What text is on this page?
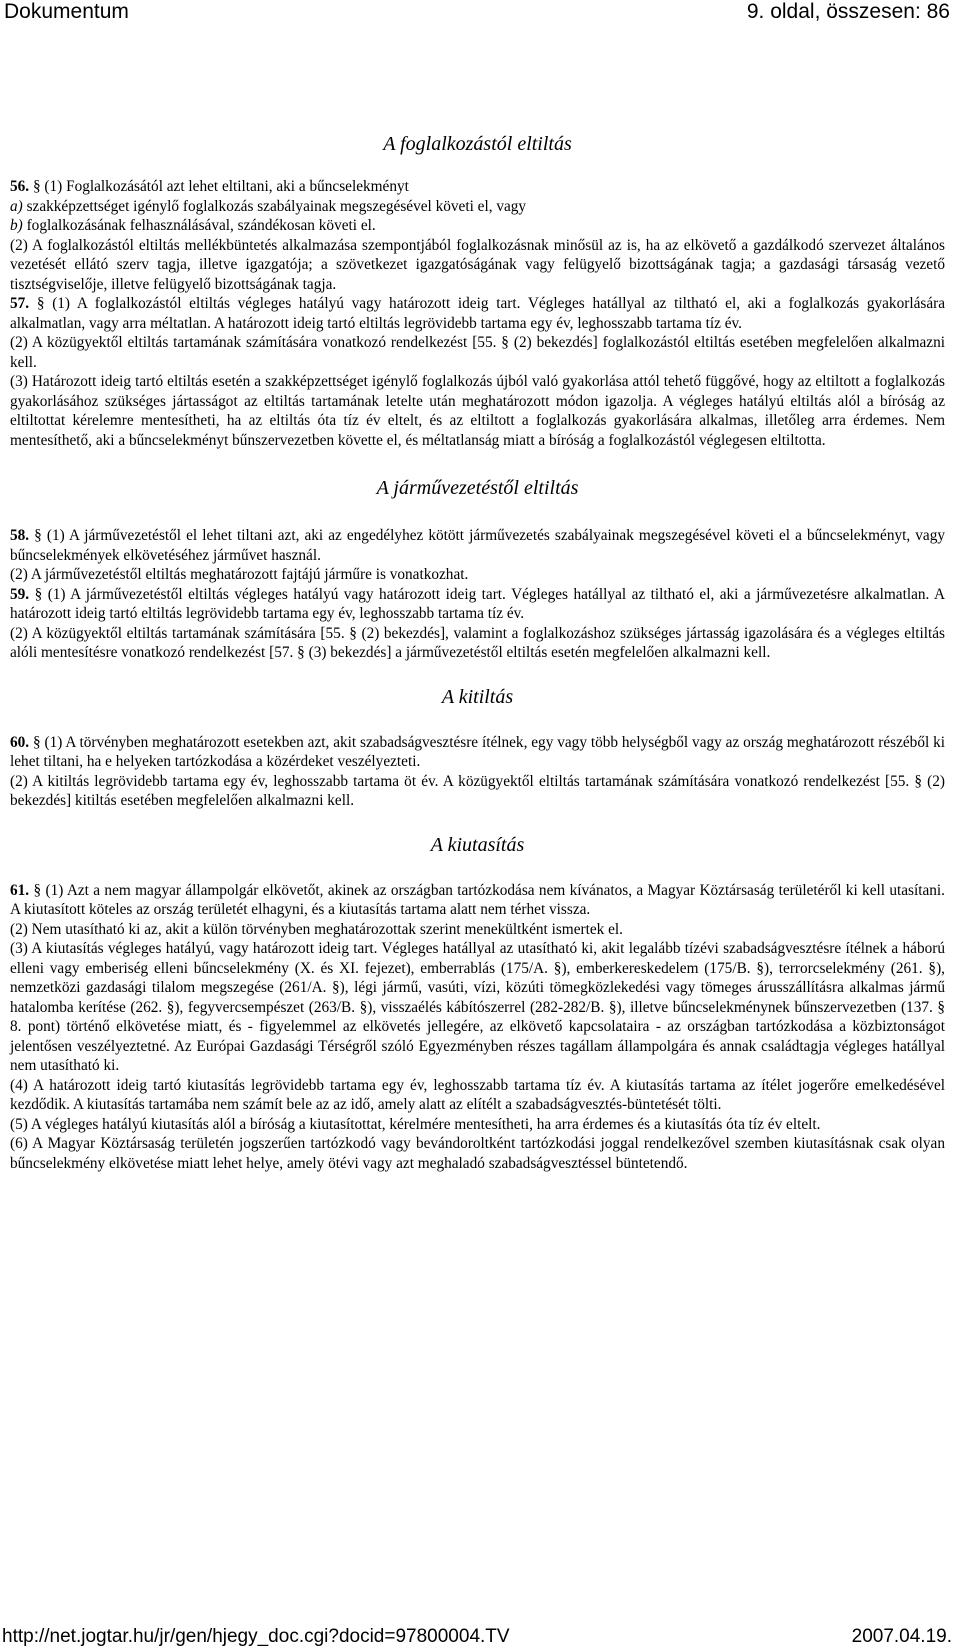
Dokumentum	9. oldal, összesen: 86
A foglalkozástól eltiltás

56. § (1) Foglalkozásától azt lehet eltiltani, aki a bűncselekményt

a) szakképzettséget igénylő foglalkozás szabályainak megszegésével követi el, vagy

b) foglalkozásának felhasználásával, szándékosan követi el.

(2) A foglalkozástól eltiltás mellékbüntetés alkalmazása szempontjából foglalkozásnak minősül az is, ha az elkövető a gazdálkodó szervezet általános vezetését ellátó szerv tagja, illetve igazgatója; a szövetkezet igazgatóságának vagy felügyelő bizottságának tagja; a gazdasági társaság vezető tisztségviselője, illetve felügyelő bizottságának tagja.

57. § (1) A foglalkozástól eltiltás végleges hatályú vagy határozott ideig tart. Végleges hatállyal az tiltható el, aki a foglalkozás gyakorlására alkalmatlan, vagy arra méltatlan. A határozott ideig tartó eltiltás legrövidebb tartama egy év, leghosszabb tartama tíz év.

(2) A közügyektől eltiltás tartamának számítására vonatkozó rendelkezést [55. § (2) bekezdés] foglalkozástól eltiltás esetében megfelelően alkalmazni kell.

(3) Határozott ideig tartó eltiltás esetén a szakképzettséget igénylő foglalkozás újból való gyakorlása attól tehető függővé, hogy az eltiltott a foglalkozás gyakorlásához szükséges jártasságot az eltiltás tartamának letelte után meghatározott módon igazolja. A végleges hatályú eltiltás alól a bíróság az eltiltottat kérelemre mentesítheti, ha az eltiltás óta tíz év eltelt, és az eltiltott a foglalkozás gyakorlására alkalmas, illetőleg arra érdemes. Nem mentesíthető, aki a bűncselekményt bűnszervezetben követte el, és méltatlanság miatt a bíróság a foglalkozástól véglegesen eltiltotta.

A járművezetéstől eltiltás

58. § (1) A járművezetéstől el lehet tiltani azt, aki az engedélyhez kötött járművezetés szabályainak megszegésével követi el a bűncselekményt, vagy bűncselekmények elkövetéséhez járművet használ.

(2) A járművezetéstől eltiltás meghatározott fajtájú járműre is vonatkozhat.

59. § (1) A járművezetéstől eltiltás végleges hatályú vagy határozott ideig tart. Végleges hatállyal az tiltható el, aki a járművezetésre alkalmatlan. A határozott ideig tartó eltiltás legrövidebb tartama egy év, leghosszabb tartama tíz év.

(2) A közügyektől eltiltás tartamának számítására [55. § (2) bekezdés], valamint a foglalkozáshoz szükséges jártasság igazolására és a végleges eltiltás alóli mentesítésre vonatkozó rendelkezést [57. § (3) bekezdés] a járművezetéstől eltiltás esetén megfelelően alkalmazni kell.

A kitiltás

60. § (1) A törvényben meghatározott esetekben azt, akit szabadságvesztésre ítélnek, egy vagy több helységből vagy az ország meghatározott részéből ki lehet tiltani, ha e helyeken tartózkodása a közérdeket veszélyezteti.

(2) A kitiltás legrövidebb tartama egy év, leghosszabb tartama öt év. A közügyektől eltiltás tartamának számítására vonatkozó rendelkezést [55. § (2) bekezdés] kitiltás esetében megfelelően alkalmazni kell.

A kiutasítás

61. § (1) Azt a nem magyar állampolgár elkövetőt, akinek az országban tartózkodása nem kívánatos, a Magyar Köztársaság területéről ki kell utasítani. A kiutasított köteles az ország területét elhagyni, és a kiutasítás tartama alatt nem térhet vissza.

(2) Nem utasítható ki az, akit a külön törvényben meghatározottak szerint menekültként ismertek el.

(3) A kiutasítás végleges hatályú, vagy határozott ideig tart. Végleges hatállyal az utasítható ki, akit legalább tízévi szabadságvesztésre ítélnek a háború elleni vagy emberiség elleni bűncselekmény (X. és XI. fejezet), emberrablás (175/A. §), emberkereskedelem (175/B. §), terrorcselekmény (261. §), nemzetközi gazdasági tilalom megszegése (261/A. §), légi jármű, vasúti, vízi, közúti tömegközlekedési vagy tömeges árusszállításra alkalmas jármű hatalomba kerítése (262. §), fegyvercsempészet (263/B. §), visszaélés kábítószerrel (282-282/B. §), illetve bűncselekménynek bűnszervezetben (137. § 8. pont) történő elkövetése miatt, és - figyelemmel az elkövetés jellegére, az elkövető kapcsolataira - az országban tartózkodása a közbiztonságot jelentősen veszélyeztetné. Az Európai Gazdasági Térségről szóló Egyezményben részes tagállam állampolgára és annak családtagja végleges hatállyal nem utasítható ki.

(4) A határozott ideig tartó kiutasítás legrövidebb tartama egy év, leghosszabb tartama tíz év. A kiutasítás tartama az ítélet jogerőre emelkedésével kezdődik. A kiutasítás tartamába nem számít bele az az idő, amely alatt az elítélt a szabadságvesztés-büntetését tölti.

(5) A végleges hatályú kiutasítás alól a bíróság a kiutasítottat, kérelmére mentesítheti, ha arra érdemes és a kiutasítás óta tíz év eltelt.

(6) A Magyar Köztársaság területén jogszerűen tartózkodó vagy bevándoroltként tartózkodási joggal rendelkezővel szemben kiutasításnak csak olyan bűncselekmény elkövetése miatt lehet helye, amely ötévi vagy azt meghaladó szabadságvesztéssel büntetendő.

http://net.jogtar.hu/jr/gen/hjegy_doc.cgi?docid=97800004.TV	2007.04.19.
